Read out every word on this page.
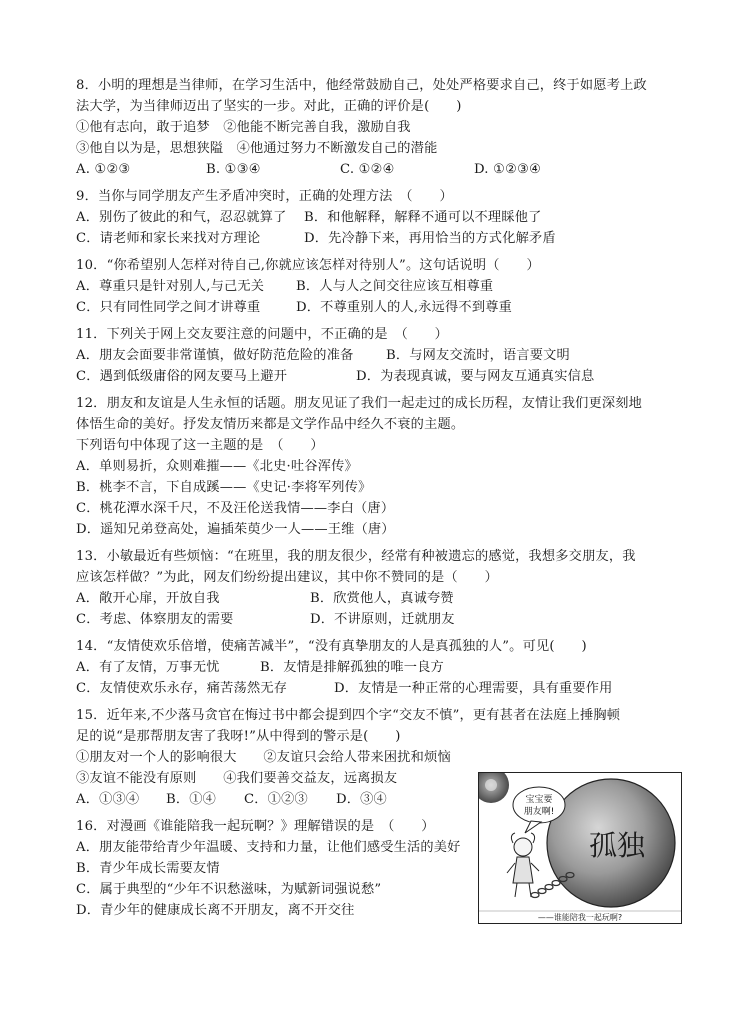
8．小明的理想是当律师，在学习生活中，他经常鼓励自己，处处严格要求自己，终于如愿考上政
法大学，为当律师迈出了坚实的一步。对此，正确的评价是(　　)
①他有志向，敢于追梦　②他能不断完善自我，激励自我
③他自以为是，思想狭隘　④他通过努力不断激发自己的潜能
A. ①②③	B. ①③④	C. ①②④	D. ①②③④
9．当你与同学朋友产生矛盾冲突时，正确的处理方法　（　　）
A．别伤了彼此的和气，忍忍就算了 B．和他解释，解释不通可以不理睬他了
C．请老师和家长来找对方理论	D．先冷静下来，再用恰当的方式化解矛盾
10．“你希望别人怎样对待自己,你就应该怎样对待别人”。这句话说明（　　）
A．尊重只是针对别人,与己无关 B．人与人之间交往应该互相尊重
C．只有同性同学之间才讲尊重	D．不尊重别人的人,永远得不到尊重
11．下列关于网上交友要注意的问题中，不正确的是　（　　）
A．朋友会面要非常谨慎，做好防范危险的准备 B．与网友交流时，语言要文明
C．遇到低级庸俗的网友要马上避开	D．为表现真诚，要与网友互通真实信息
12．朋友和友谊是人生永恒的话题。朋友见证了我们一起走过的成长历程，友情让我们更深刻地
体悟生命的美好。抒发友情历来都是文学作品中经久不衰的主题。
下列语句中体现了这一主题的是　（　　）
A．单则易折，众则难摧——《北史·吐谷浑传》
B．桃李不言，下自成蹊——《史记·李将军列传》
C．桃花潭水深千尺，不及汪伦送我情——李白（唐）
D．遥知兄弟登高处，遍插茱萸少一人——王维（唐）
13．小敏最近有些烦恼：“在班里，我的朋友很少，经常有种被遗忘的感觉，我想多交朋友，我
应该怎样做？”为此，网友们纷纷提出建议，其中你不赞同的是（　　）
A．敞开心扉，开放自我	B．欣赏他人，真诚夸赞
C．考虑、体察朋友的需要	D．不讲原则，迁就朋友
14．“友情使欢乐倍增，使痛苦减半”，“没有真挚朋友的人是真孤独的人”。可见(　　)
A．有了友情，万事无忧	B．友情是排解孤独的唯一良方
C．友情使欢乐永存，痛苦荡然无存	D．友情是一种正常的心理需要，具有重要作用
15．近年来,不少落马贪官在悔过书中都会提到四个字“交友不慎”，更有甚者在法庭上捶胸顿
足的说“是那帮朋友害了我呀!”从中得到的警示是(　　)
①朋友对一个人的影响很大　　②友谊只会给人带来困扰和烦恼
③友谊不能没有原则　　④我们要善交益友，远离损友
A．①③④ B．①④ C．①②③ D．③④
16．对漫画《谁能陪我一起玩啊？》理解错误的是　（　　）
A．朋友能带给青少年温暖、支持和力量，让他们感受生活的美好
B．青少年成长需要友情
C．属于典型的“少年不识愁滋味，为赋新词强说愁”
D．青少年的健康成长离不开朋友，离不开交往
孤独
宝宝要
朋友啊!
——谁能陪我一起玩啊?
